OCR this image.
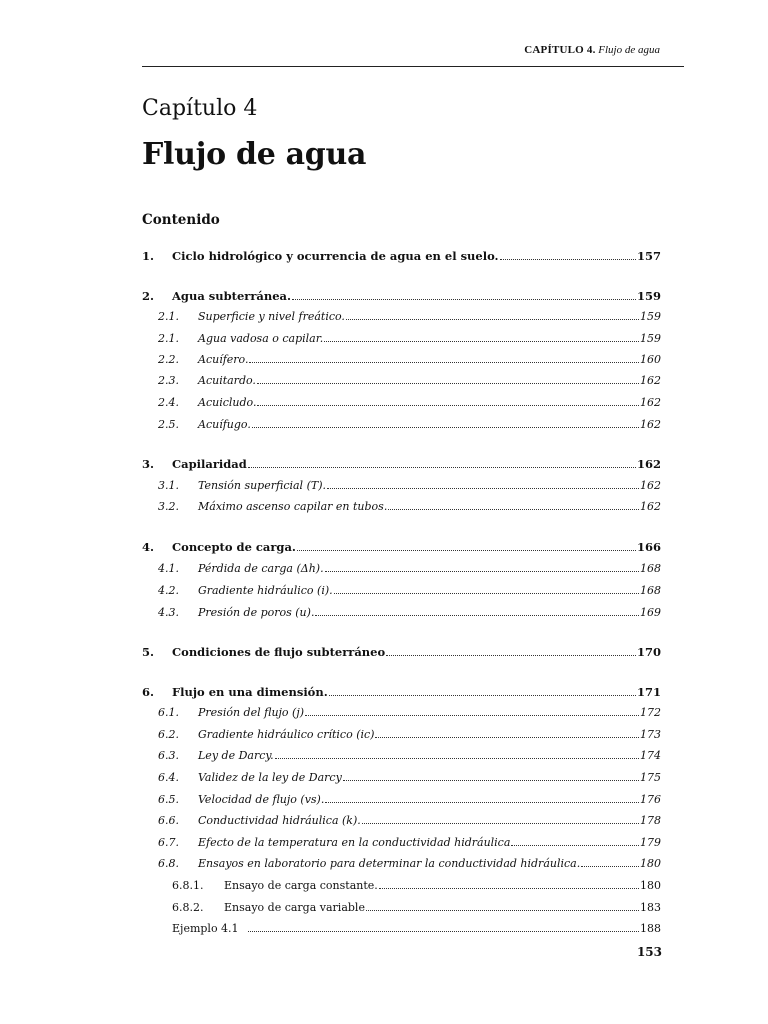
CAPÍTULO 4. Flujo de agua
Capítulo 4
Flujo de agua
Contenido
1.	Ciclo hidrológico y ocurrencia de agua en el suelo.	157
2.	Agua subterránea.	159
2.1.	Superficie y nivel freático.	159
2.1.	Agua vadosa o capilar.	159
2.2.	Acuífero.	160
2.3.	Acuitardo.	162
2.4.	Acuicludo.	162
2.5.	Acuífugo.	162
3.	Capilaridad	162
3.1.	Tensión superficial (T).	162
3.2.	Máximo ascenso capilar en tubos.	162
4.	Concepto de carga.	166
4.1.	Pérdida de carga (Δh).	168
4.2.	Gradiente hidráulico (i).	168
4.3.	Presión de poros (u).	169
5.	Condiciones de flujo subterráneo	170
6.	Flujo en una dimensión.	171
6.1.	Presión del flujo (j)	172
6.2.	Gradiente hidráulico crítico (ic)	173
6.3.	Ley de Darcy.	174
6.4.	Validez de la ley de Darcy	175
6.5.	Velocidad de flujo (vs).	176
6.6.	Conductividad hidráulica (k).	178
6.7.	Efecto de la temperatura en la conductividad hidráulica	179
6.8.	Ensayos en laboratorio para determinar la conductividad hidráulica.	180
6.8.1.	Ensayo de carga constante.	180
6.8.2.	Ensayo de carga variable	183
Ejemplo 4.1	188
153
